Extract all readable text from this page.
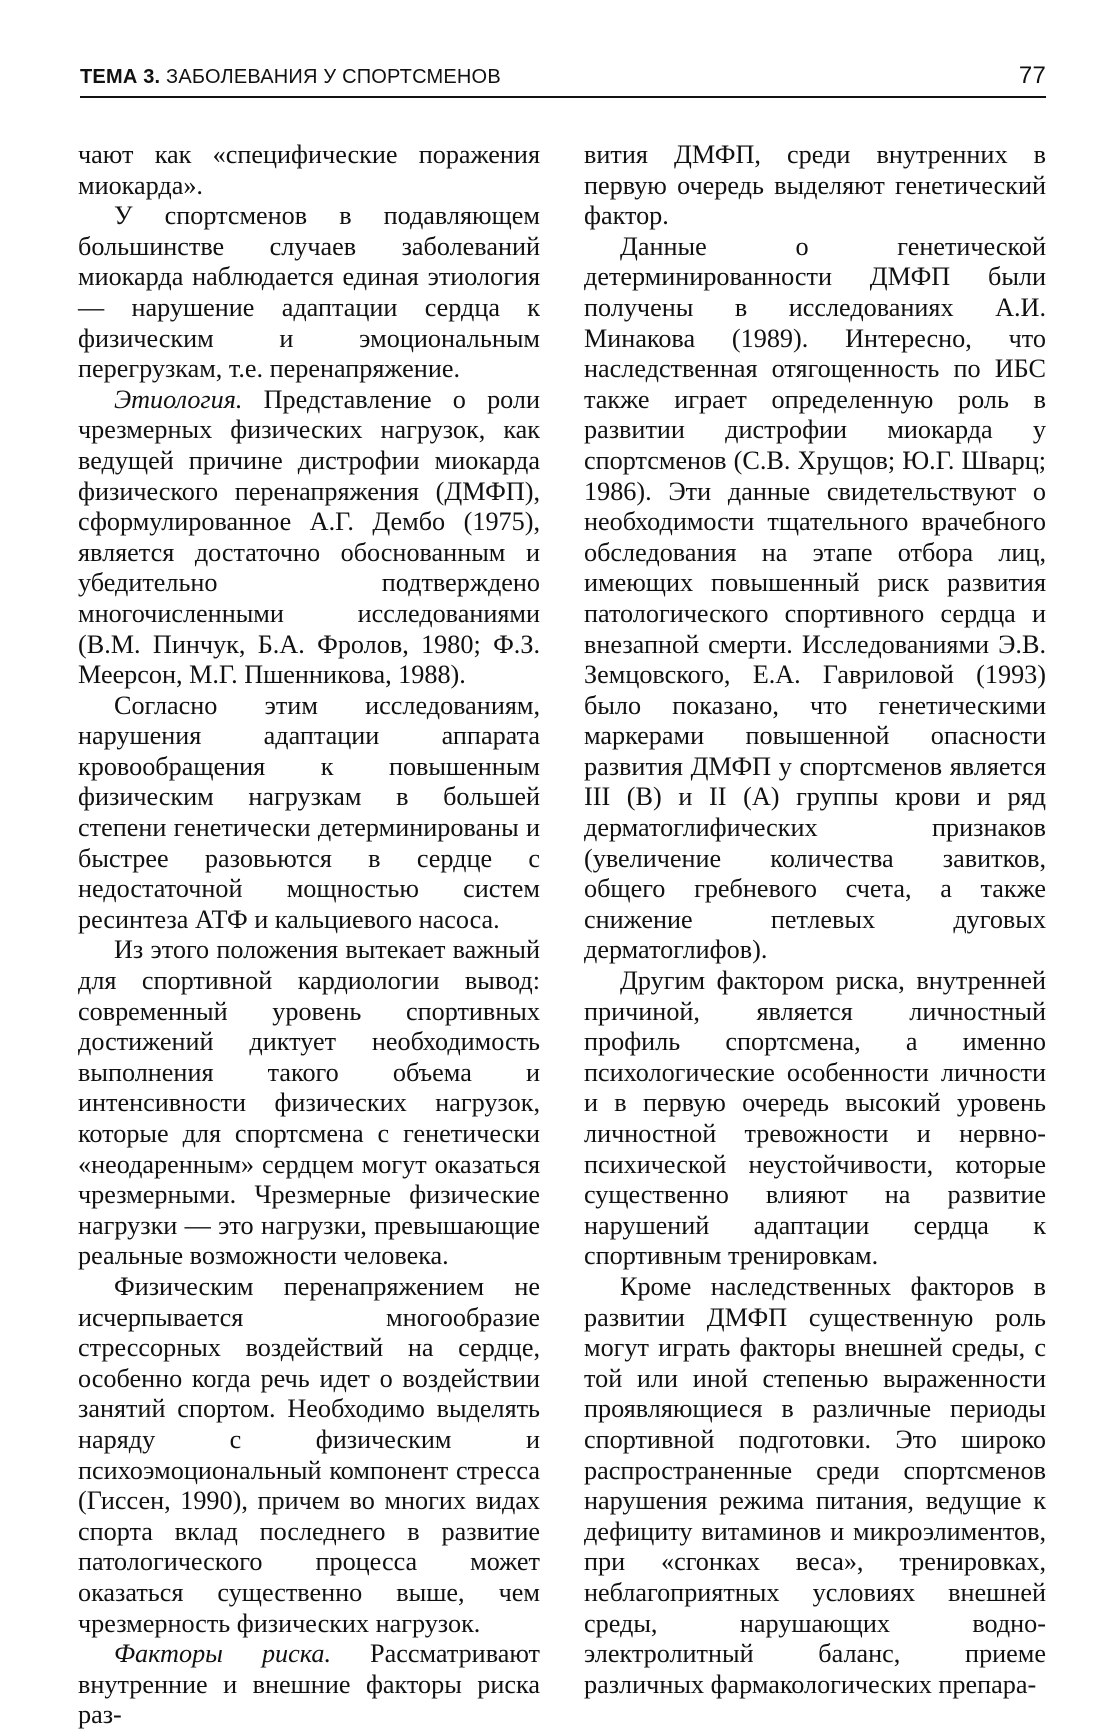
ТЕМА 3. ЗАБОЛЕВАНИЯ У СПОРТСМЕНОВ	77

чают как «специфические поражения миокарда».

У спортсменов в подавляющем большинстве случаев заболеваний миокарда наблюдается единая этиология — нарушение адаптации сердца к физическим и эмоциональным перегрузкам, т.е. перенапряжение.

Этиология. Представление о роли чрезмерных физических нагрузок, как ведущей причине дистрофии миокарда физического перенапряжения (ДМФП), сформулированное А.Г. Дембо (1975), является достаточно обоснованным и убедительно подтверждено многочисленными исследованиями (В.М. Пинчук, Б.А. Фролов, 1980; Ф.З. Меерсон, М.Г. Пшенникова, 1988).

Согласно этим исследованиям, нарушения адаптации аппарата кровообращения к повышенным физическим нагрузкам в большей степени генетически детерминированы и быстрее разовьются в сердце с недостаточной мощностью систем ресинтеза АТФ и кальциевого насоса.

Из этого положения вытекает важный для спортивной кардиологии вывод: современный уровень спортивных достижений диктует необходимость выполнения такого объема и интенсивности физических нагрузок, которые для спортсмена с генетически «неодаренным» сердцем могут оказаться чрезмерными. Чрезмерные физические нагрузки — это нагрузки, превышающие реальные возможности человека.

Физическим перенапряжением не исчерпывается многообразие стрессорных воздействий на сердце, особенно когда речь идет о воздействии занятий спортом. Необходимо выделять наряду с физическим и психоэмоциональный компонент стресса (Гиссен, 1990), причем во многих видах спорта вклад последнего в развитие патологического процесса может оказаться существенно выше, чем чрезмерность физических нагрузок.

Факторы риска. Рассматривают внутренние и внешние факторы риска раз-

вития ДМФП, среди внутренних в первую очередь выделяют генетический фактор.

Данные о генетической детерминированности ДМФП были получены в исследованиях А.И. Минакова (1989). Интересно, что наследственная отягощенность по ИБС также играет определенную роль в развитии дистрофии миокарда у спортсменов (С.В. Хрущов; Ю.Г. Шварц; 1986). Эти данные свидетельствуют о необходимости тщательного врачебного обследования на этапе отбора лиц, имеющих повышенный риск развития патологического спортивного сердца и внезапной смерти. Исследованиями Э.В. Земцовского, Е.А. Гавриловой (1993) было показано, что генетическими маркерами повышенной опасности развития ДМФП у спортсменов является III (B) и II (A) группы крови и ряд дерматоглифических признаков (увеличение количества завитков, общего гребневого счета, а также снижение петлевых дуговых дерматоглифов).

Другим фактором риска, внутренней причиной, является личностный профиль спортсмена, а именно психологические особенности личности и в первую очередь высокий уровень личностной тревожности и нервно-психической неустойчивости, которые существенно влияют на развитие нарушений адаптации сердца к спортивным тренировкам.

Кроме наследственных факторов в развитии ДМФП существенную роль могут играть факторы внешней среды, с той или иной степенью выраженности проявляющиеся в различные периоды спортивной подготовки. Это широко распространенные среди спортсменов нарушения режима питания, ведущие к дефициту витаминов и микроэлиментов, при «сгонках веса», тренировках, неблагоприятных условиях внешней среды, нарушающих водно-электролитный баланс, приеме различных фармакологических препара-
